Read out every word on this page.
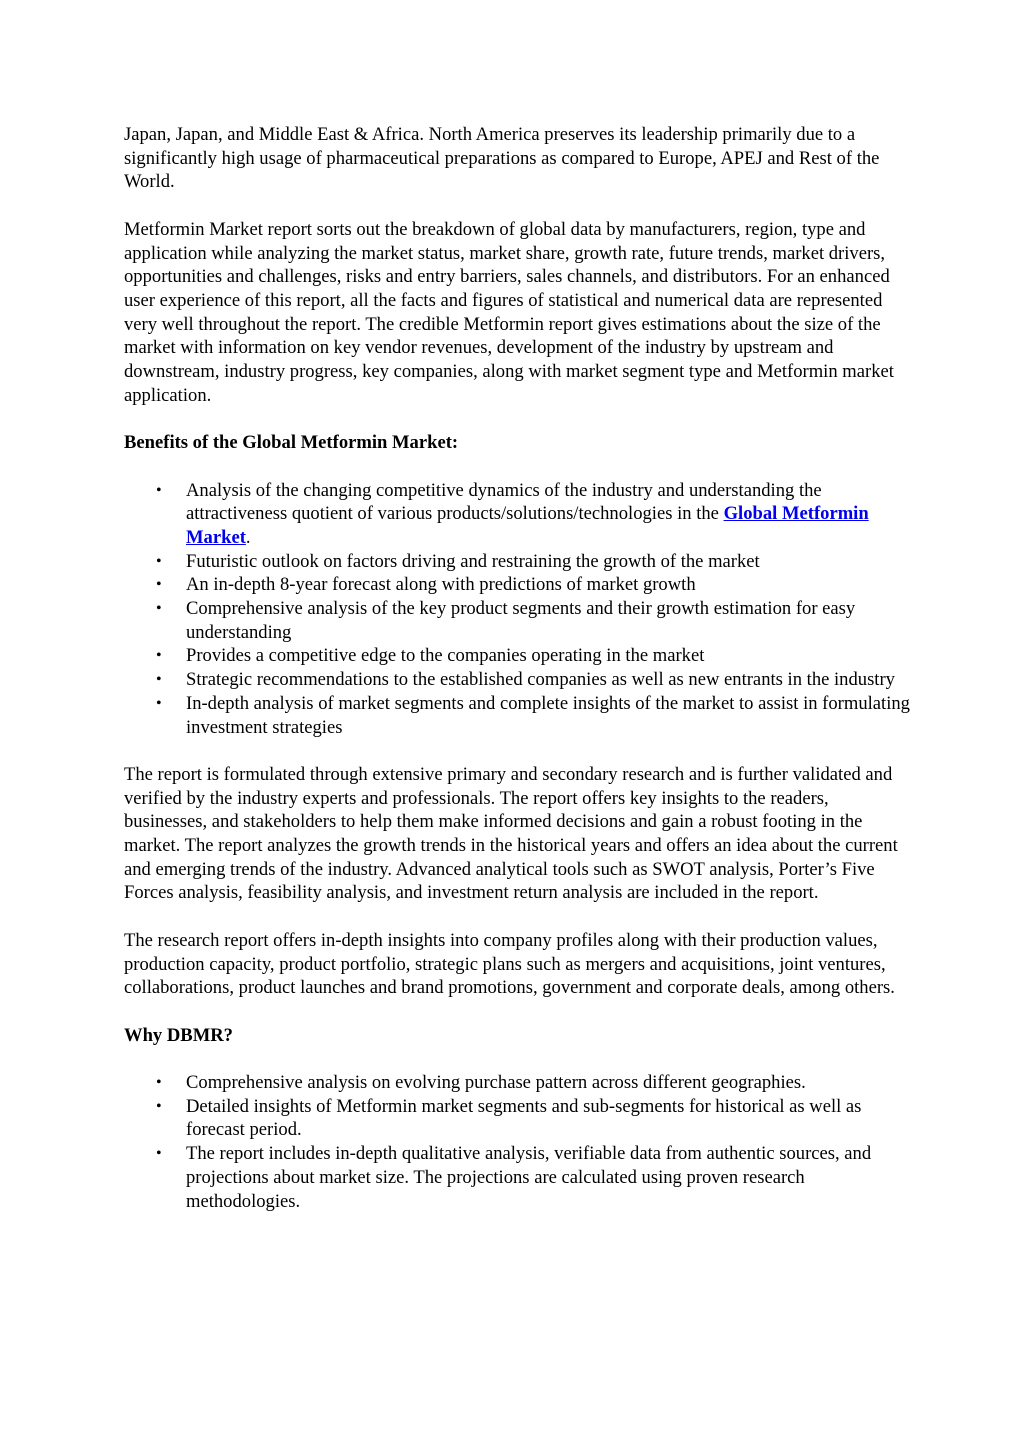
Japan, Japan, and Middle East & Africa. North America preserves its leadership primarily due to a significantly high usage of pharmaceutical preparations as compared to Europe, APEJ and Rest of the World.

Metformin Market report sorts out the breakdown of global data by manufacturers, region, type and application while analyzing the market status, market share, growth rate, future trends, market drivers, opportunities and challenges, risks and entry barriers, sales channels, and distributors. For an enhanced user experience of this report, all the facts and figures of statistical and numerical data are represented very well throughout the report. The credible Metformin report gives estimations about the size of the market with information on key vendor revenues, development of the industry by upstream and downstream, industry progress, key companies, along with market segment type and Metformin market application.

Benefits of the Global Metformin Market:
• Analysis of the changing competitive dynamics of the industry and understanding the attractiveness quotient of various products/solutions/technologies in the Global Metformin Market.
• Futuristic outlook on factors driving and restraining the growth of the market
• An in-depth 8-year forecast along with predictions of market growth
• Comprehensive analysis of the key product segments and their growth estimation for easy understanding
• Provides a competitive edge to the companies operating in the market
• Strategic recommendations to the established companies as well as new entrants in the industry
• In-depth analysis of market segments and complete insights of the market to assist in formulating investment strategies

The report is formulated through extensive primary and secondary research and is further validated and verified by the industry experts and professionals. The report offers key insights to the readers, businesses, and stakeholders to help them make informed decisions and gain a robust footing in the market. The report analyzes the growth trends in the historical years and offers an idea about the current and emerging trends of the industry. Advanced analytical tools such as SWOT analysis, Porter’s Five Forces analysis, feasibility analysis, and investment return analysis are included in the report.

The research report offers in-depth insights into company profiles along with their production values, production capacity, product portfolio, strategic plans such as mergers and acquisitions, joint ventures, collaborations, product launches and brand promotions, government and corporate deals, among others.

Why DBMR?
• Comprehensive analysis on evolving purchase pattern across different geographies.
• Detailed insights of Metformin market segments and sub-segments for historical as well as forecast period.
• The report includes in-depth qualitative analysis, verifiable data from authentic sources, and projections about market size. The projections are calculated using proven research methodologies.
